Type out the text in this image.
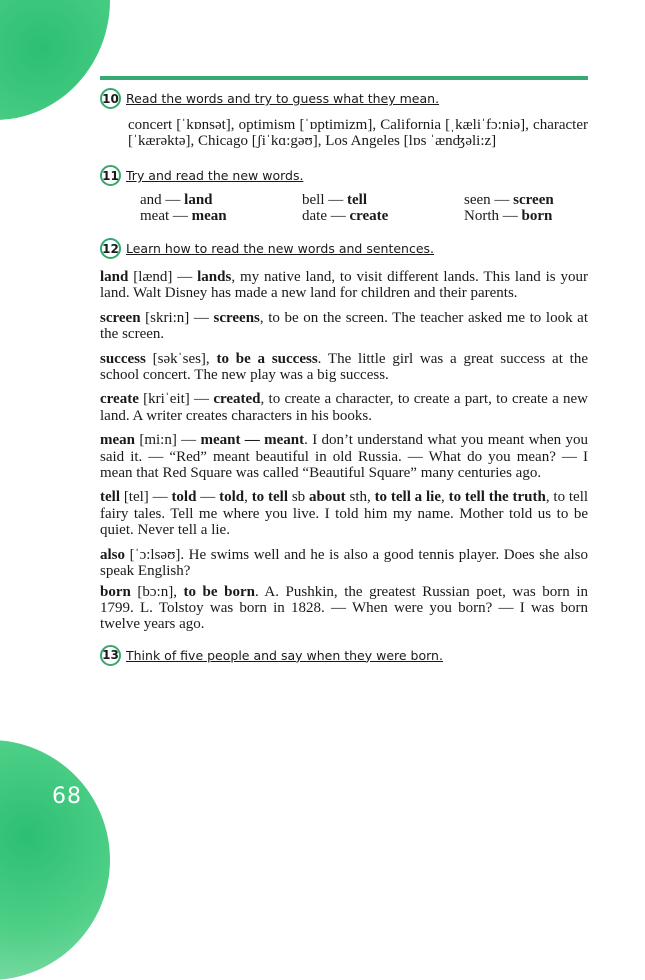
68
10 Read the words and try to guess what they mean.

concert [ˈkɒnsət], optimism [ˈɒptimizm], California [ˌkæliˈfɔ:niə], character [ˈkærəktə], Chicago [ʃiˈkɑ:gəʊ], Los Angeles [lɒs ˈænʤəli:z]

11 Try and read the new words.
and — land	bell — tell	seen — screen
meat — mean	date — create	North — born
12 Learn how to read the new words and sentences.

land [lænd] — lands, my native land, to visit different lands. This land is your land. Walt Disney has made a new land for children and their parents.

screen [skri:n] — screens, to be on the screen. The teacher asked me to look at the screen.

success [səkˈses], to be a success. The little girl was a great success at the school concert. The new play was a big success.

create [kriˈeit] — created, to create a character, to create a part, to create a new land. A writer creates characters in his books.

mean [mi:n] — meant — meant. I don’t understand what you meant when you said it. — “Red” meant beautiful in old Russia. — What do you mean? — I mean that Red Square was called “Beautiful Square” many centuries ago.

tell [tel] — told — told, to tell sb about sth, to tell a lie, to tell the truth, to tell fairy tales. Tell me where you live. I told him my name. Mother told us to be quiet. Never tell a lie.

also [ˈɔ:lsəʊ]. He swims well and he is also a good tennis player. Does she also speak English?

born [bɔ:n], to be born. A. Pushkin, the greatest Russian poet, was born in 1799. L. Tolstoy was born in 1828. — When were you born? — I was born twelve years ago.

13 Think of five people and say when they were born.
